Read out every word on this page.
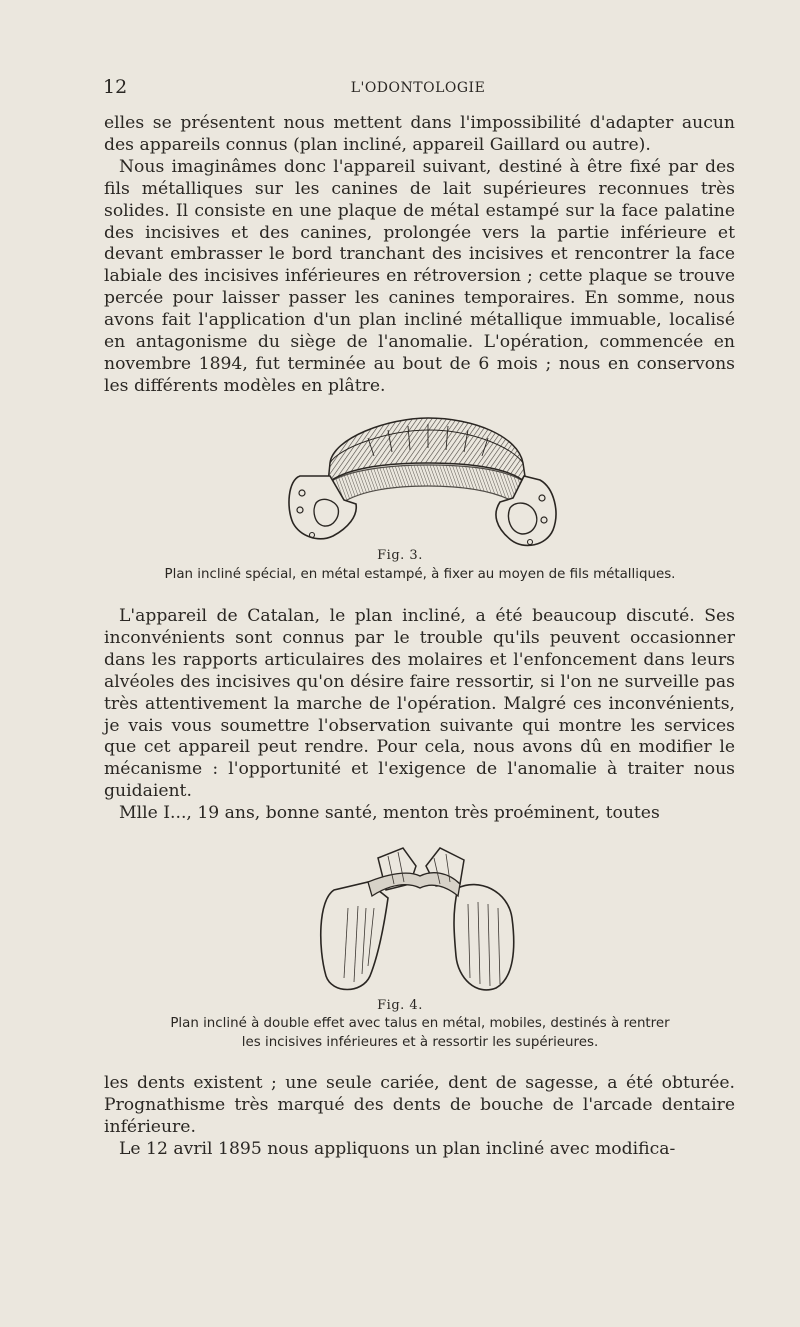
12	L'ODONTOLOGIE

elles se présentent nous mettent dans l'impossibilité d'adapter aucun des appareils connus (plan incliné, appareil Gaillard ou autre).

Nous imaginâmes donc l'appareil suivant, destiné à être fixé par des fils métalliques sur les canines de lait supérieures reconnues très solides. Il consiste en une plaque de métal estampé sur la face palatine des incisives et des canines, prolongée vers la partie inférieure et devant embrasser le bord tranchant des incisives et rencontrer la face labiale des incisives inférieures en rétroversion ; cette plaque se trouve percée pour laisser passer les canines temporaires. En somme, nous avons fait l'application d'un plan incliné métallique immuable, localisé en antagonisme du siège de l'anomalie. L'opération, commencée en novembre 1894, fut terminée au bout de 6 mois ; nous en conservons les différents modèles en plâtre.

Fig. 3.
Plan incliné spécial, en métal estampé, à fixer au moyen de fils métalliques.

L'appareil de Catalan, le plan incliné, a été beaucoup discuté. Ses inconvénients sont connus par le trouble qu'ils peuvent occasionner dans les rapports articulaires des molaires et l'enfoncement dans leurs alvéoles des incisives qu'on désire faire ressortir, si l'on ne surveille pas très attentivement la marche de l'opération. Malgré ces inconvénients, je vais vous soumettre l'observation suivante qui montre les services que cet appareil peut rendre. Pour cela, nous avons dû en modifier le mécanisme : l'opportunité et l'exigence de l'anomalie à traiter nous guidaient.

Mlle I..., 19 ans, bonne santé, menton très proéminent, toutes

Fig. 4.
Plan incliné à double effet avec talus en métal, mobiles, destinés à rentrer
les incisives inférieures et à ressortir les supérieures.

les dents existent ; une seule cariée, dent de sagesse, a été obturée. Prognathisme très marqué des dents de bouche de l'arcade dentaire inférieure.

Le 12 avril 1895 nous appliquons un plan incliné avec modifica-
